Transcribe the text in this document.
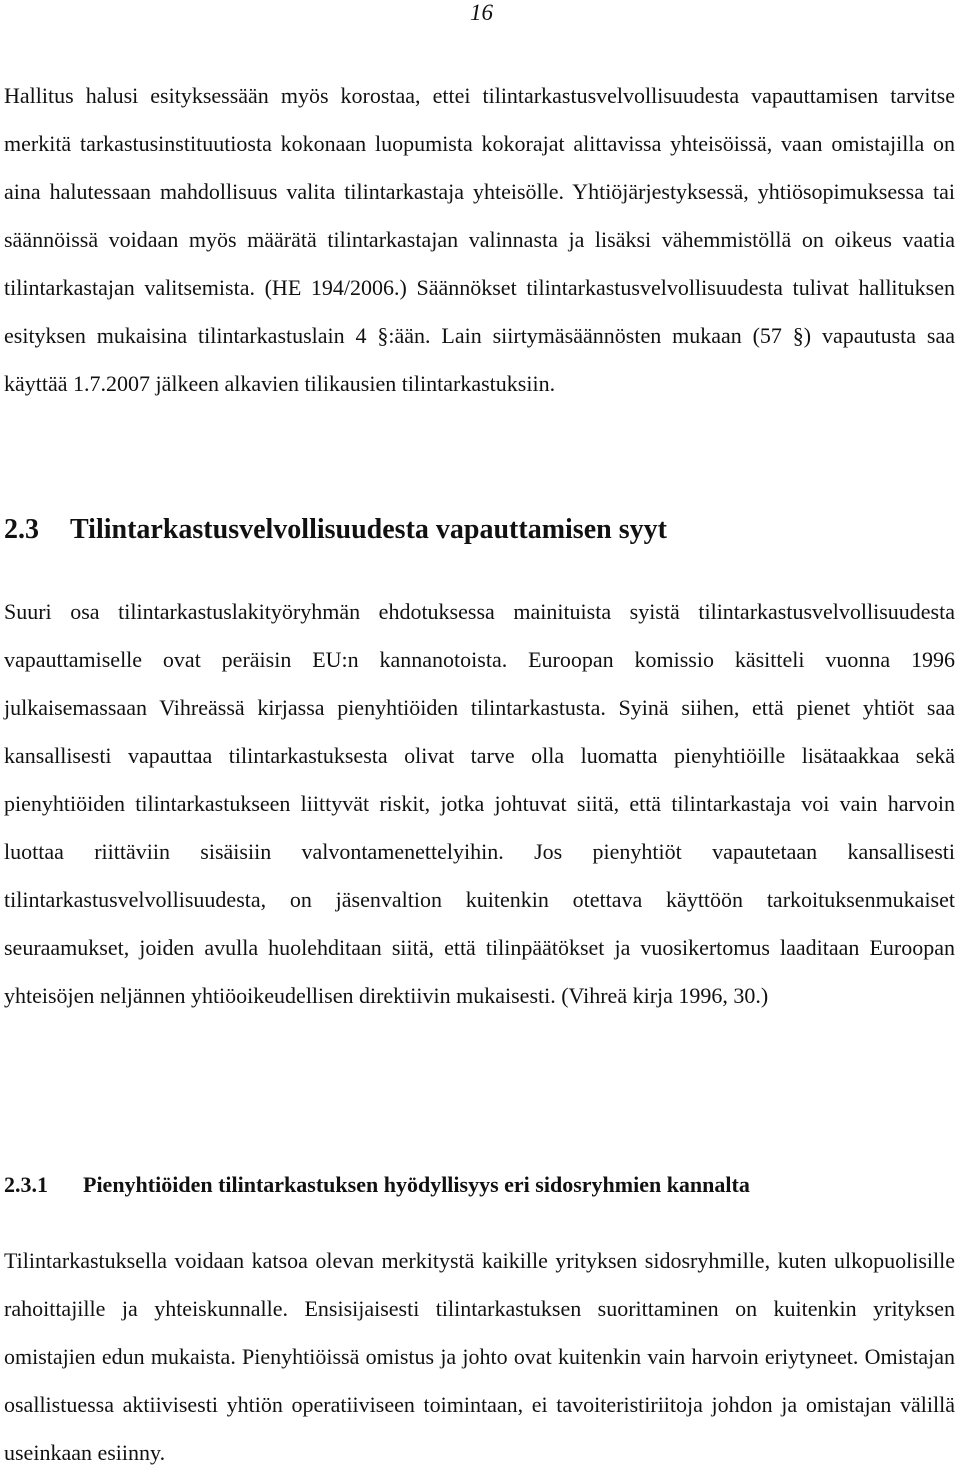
16

Hallitus halusi esityksessään myös korostaa, ettei tilintarkastusvelvollisuudesta vapauttamisen tarvitse merkitä tarkastusinstituutiosta kokonaan luopumista kokorajat alittavissa yhteisöissä, vaan omistajilla on aina halutessaan mahdollisuus valita tilintarkastaja yhteisölle. Yhtiöjärjestyksessä, yhtiösopimuksessa tai säännöissä voidaan myös määrätä tilintarkastajan valinnasta ja lisäksi vähemmistöllä on oikeus vaatia tilintarkastajan valitsemista. (HE 194/2006.) Säännökset tilintarkastusvelvollisuudesta tulivat hallituksen esityksen mukaisina tilintarkastuslain 4 §:ään. Lain siirtymäsäännösten mukaan (57 §) vapautusta saa käyttää 1.7.2007 jälkeen alkavien tilikausien tilintarkastuksiin.

2.3 Tilintarkastusvelvollisuudesta vapauttamisen syyt

Suuri osa tilintarkastuslakityöryhmän ehdotuksessa mainituista syistä tilintarkastusvelvollisuudesta vapauttamiselle ovat peräisin EU:n kannanotoista. Euroopan komissio käsitteli vuonna 1996 julkaisemassaan Vihreässä kirjassa pienyhtiöiden tilintarkastusta. Syinä siihen, että pienet yhtiöt saa kansallisesti vapauttaa tilintarkastuksesta olivat tarve olla luomatta pienyhtiöille lisätaakkaa sekä pienyhtiöiden tilintarkastukseen liittyvät riskit, jotka johtuvat siitä, että tilintarkastaja voi vain harvoin luottaa riittäviin sisäisiin valvontamenettelyihin. Jos pienyhtiöt vapautetaan kansallisesti tilintarkastusvelvollisuudesta, on jäsenvaltion kuitenkin otettava käyttöön tarkoituksenmukaiset seuraamukset, joiden avulla huolehditaan siitä, että tilinpäätökset ja vuosikertomus laaditaan Euroopan yhteisöjen neljännen yhtiöoikeudellisen direktiivin mukaisesti. (Vihreä kirja 1996, 30.)

2.3.1 Pienyhtiöiden tilintarkastuksen hyödyllisyys eri sidosryhmien kannalta

Tilintarkastuksella voidaan katsoa olevan merkitystä kaikille yrityksen sidosryhmille, kuten ulkopuolisille rahoittajille ja yhteiskunnalle. Ensisijaisesti tilintarkastuksen suorittaminen on kuitenkin yrityksen omistajien edun mukaista. Pienyhtiöissä omistus ja johto ovat kuitenkin vain harvoin eriytyneet. Omistajan osallistuessa aktiivisesti yhtiön operatiiviseen toimintaan, ei tavoiteristiriitoja johdon ja omistajan välillä useinkaan esiinny.
